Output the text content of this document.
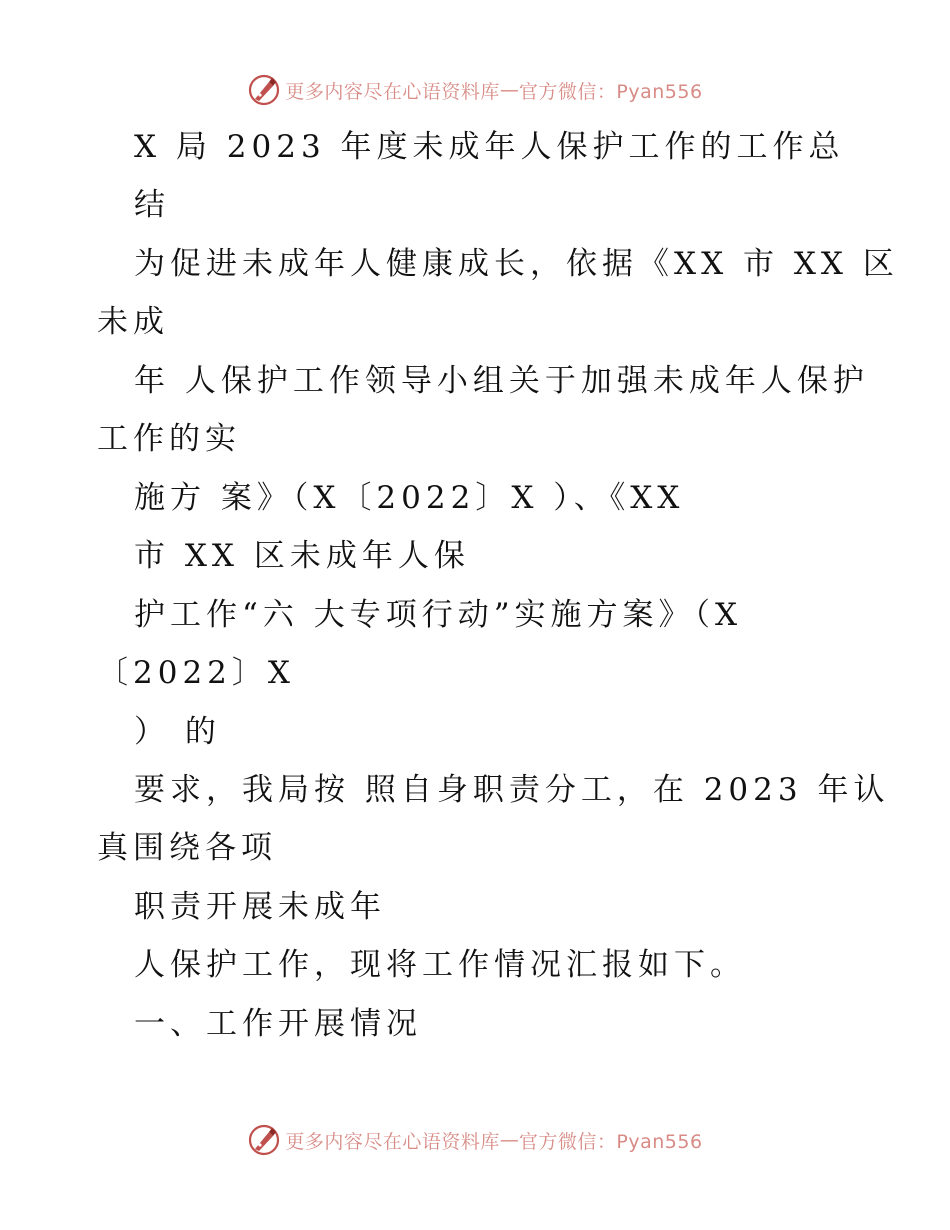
更多内容尽在心语资料库 — 官方微信：Pyan556
X 局 2023 年度未成年人保护工作的工作总
结
为促进未成年人健康成长，依据《XX 市 XX 区
未成
年 人保护工作领导小组关于加强未成年人保护
工作的实
施方 案》（X〔2022〕X ）、《XX
市 XX 区未成年人保
护工作“六 大专项行动”实施方案》（X
〔2022〕X
） 的
要求，我局按 照自身职责分工，在 2023 年认
真围绕各项
职责开展未成年
人保护工作，现将工作情况汇报如下。
一、工作开展情况
更多内容尽在心语资料库 — 官方微信：Pyan556
